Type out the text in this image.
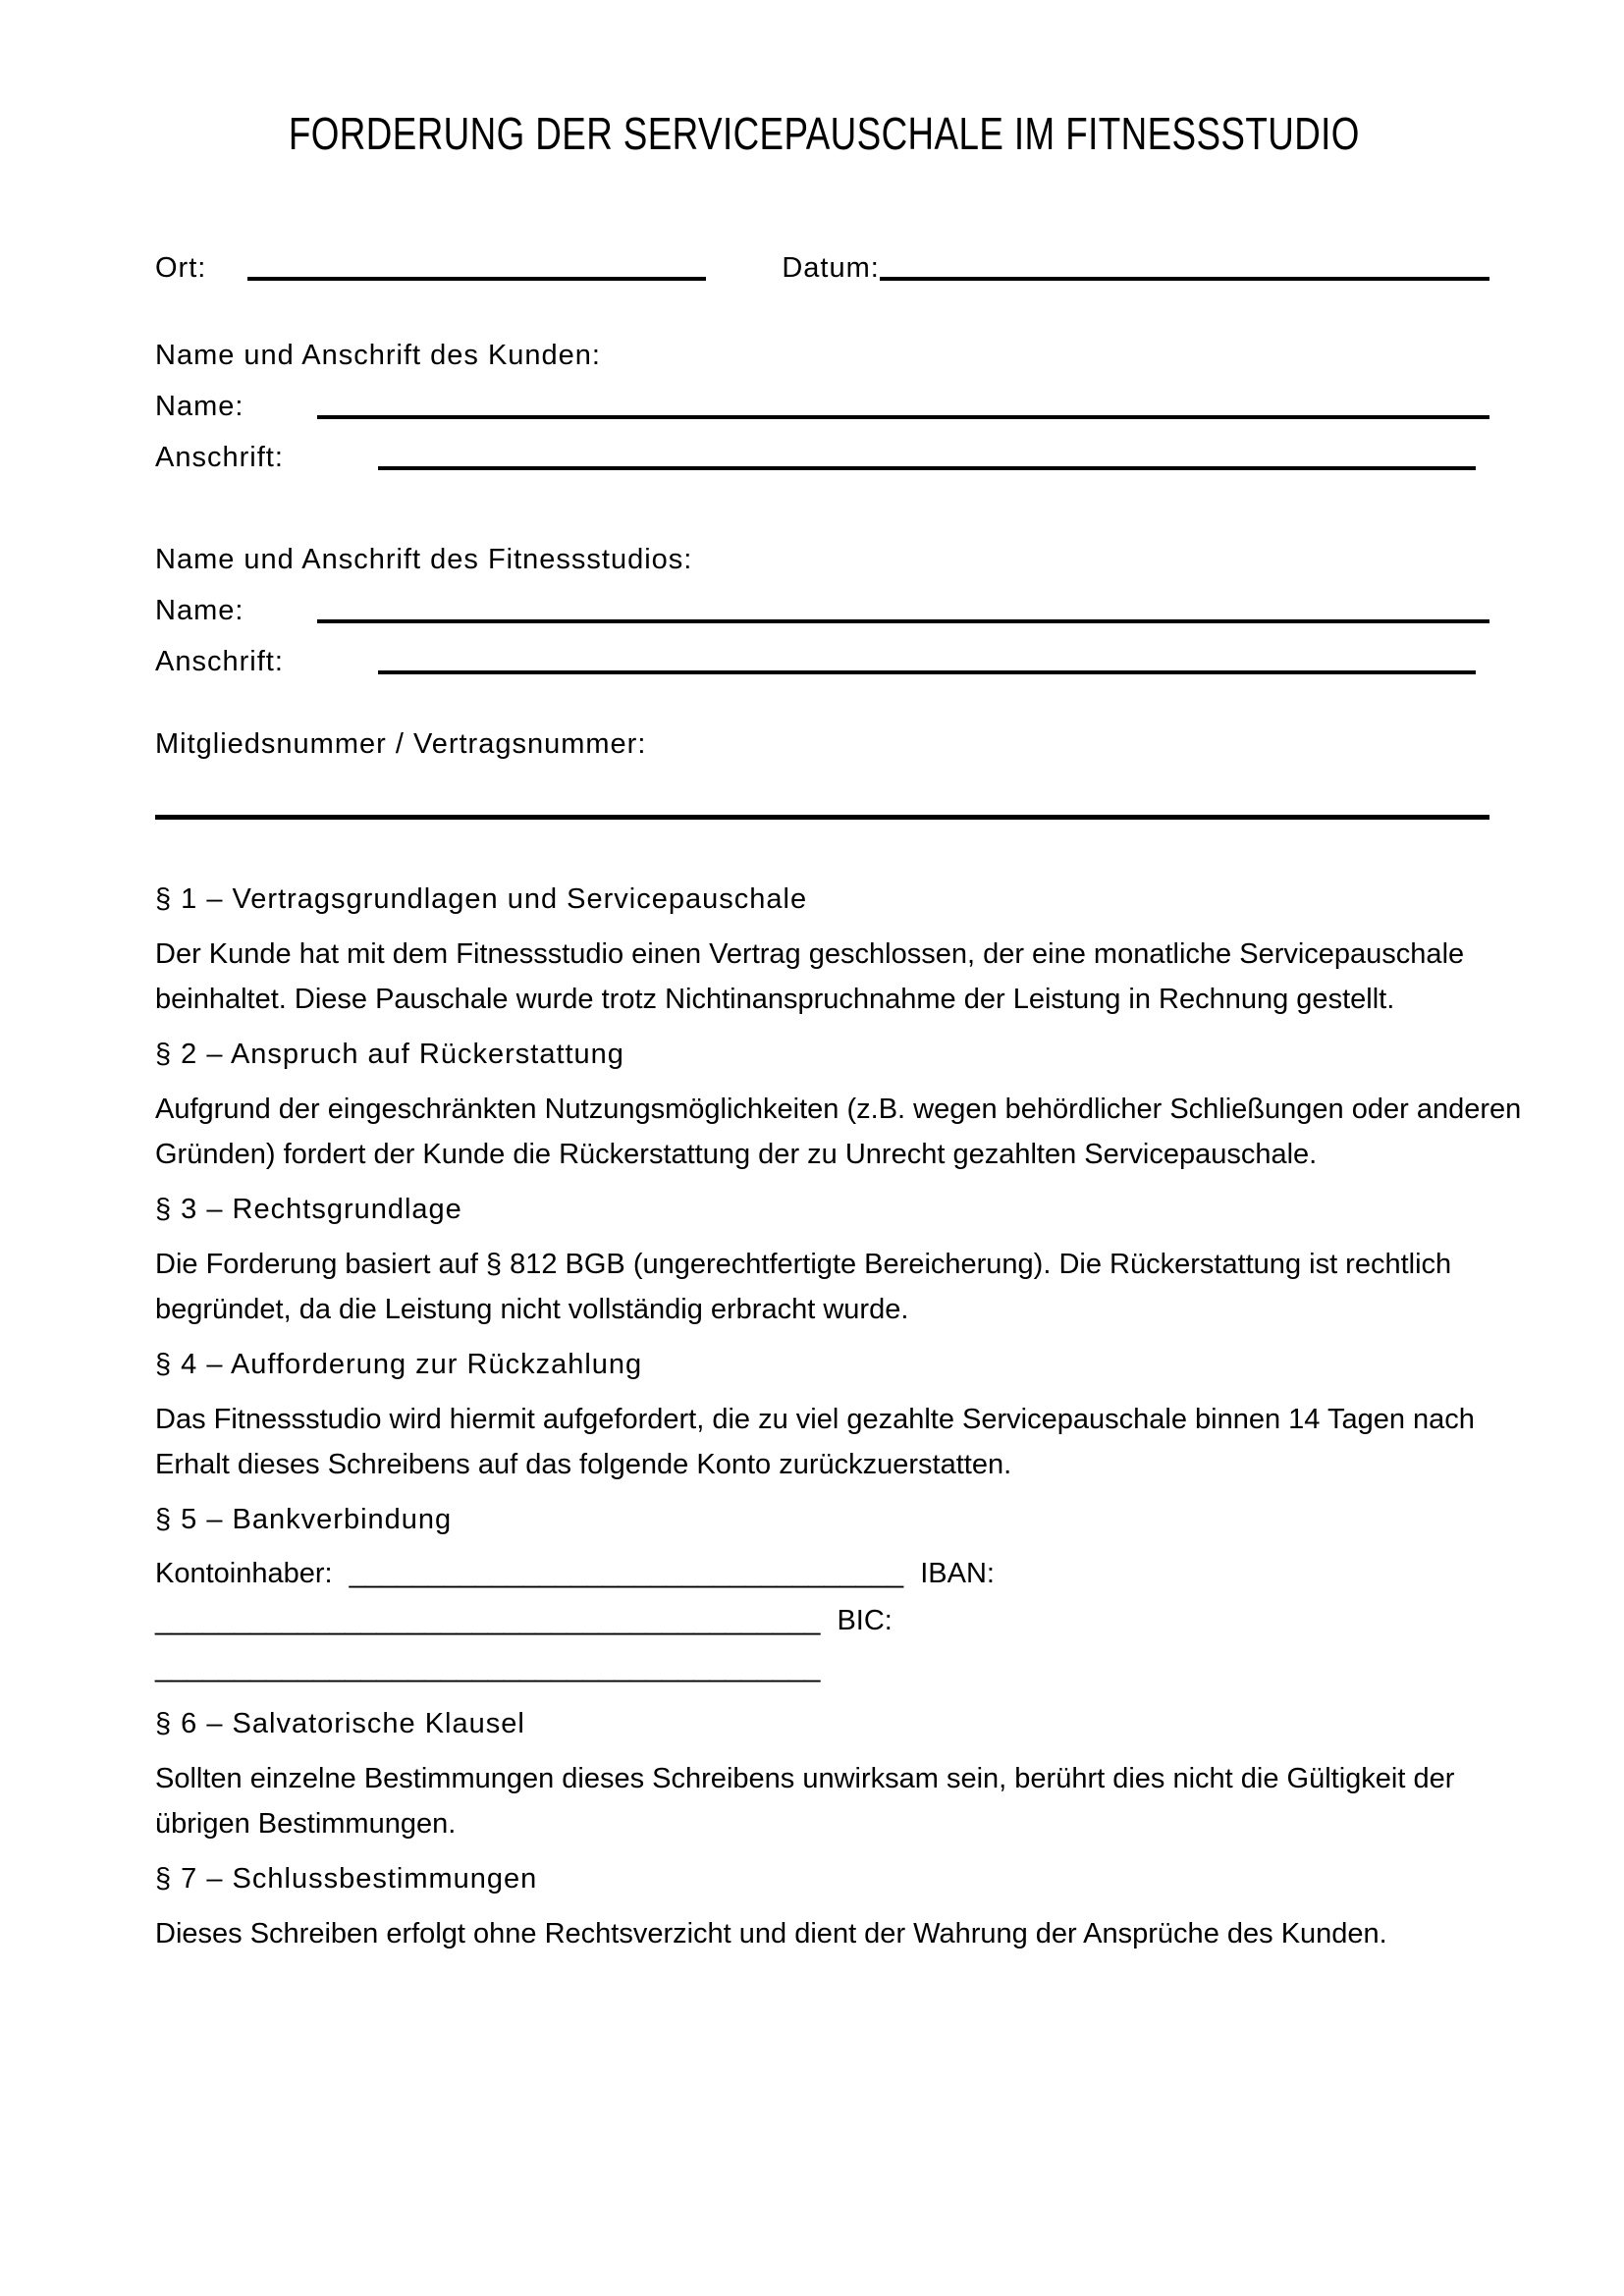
FORDERUNG DER SERVICEPAUSCHALE IM FITNESSSTUDIO
Ort:	Datum:
Name und Anschrift des Kunden:
Name:
Anschrift:
Name und Anschrift des Fitnessstudios:
Name:
Anschrift:
Mitgliedsnummer / Vertragsnummer:
§ 1 – Vertragsgrundlagen und Servicepauschale

Der Kunde hat mit dem Fitnessstudio einen Vertrag geschlossen, der eine monatliche Servicepauschale
beinhaltet. Diese Pauschale wurde trotz Nichtinanspruchnahme der Leistung in Rechnung gestellt.

§ 2 – Anspruch auf Rückerstattung

Aufgrund der eingeschränkten Nutzungsmöglichkeiten (z.B. wegen behördlicher Schließungen oder anderen
Gründen) fordert der Kunde die Rückerstattung der zu Unrecht gezahlten Servicepauschale.

§ 3 – Rechtsgrundlage

Die Forderung basiert auf § 812 BGB (ungerechtfertigte Bereicherung). Die Rückerstattung ist rechtlich
begründet, da die Leistung nicht vollständig erbracht wurde.

§ 4 – Aufforderung zur Rückzahlung

Das Fitnessstudio wird hiermit aufgefordert, die zu viel gezahlte Servicepauschale binnen 14 Tagen nach
Erhalt dieses Schreibens auf das folgende Konto zurückzuerstatten.

§ 5 – Bankverbindung
Kontoinhaber: ___________________________________ IBAN:
__________________________________________ BIC:
__________________________________________
§ 6 – Salvatorische Klausel

Sollten einzelne Bestimmungen dieses Schreibens unwirksam sein, berührt dies nicht die Gültigkeit der
übrigen Bestimmungen.

§ 7 – Schlussbestimmungen

Dieses Schreiben erfolgt ohne Rechtsverzicht und dient der Wahrung der Ansprüche des Kunden.
